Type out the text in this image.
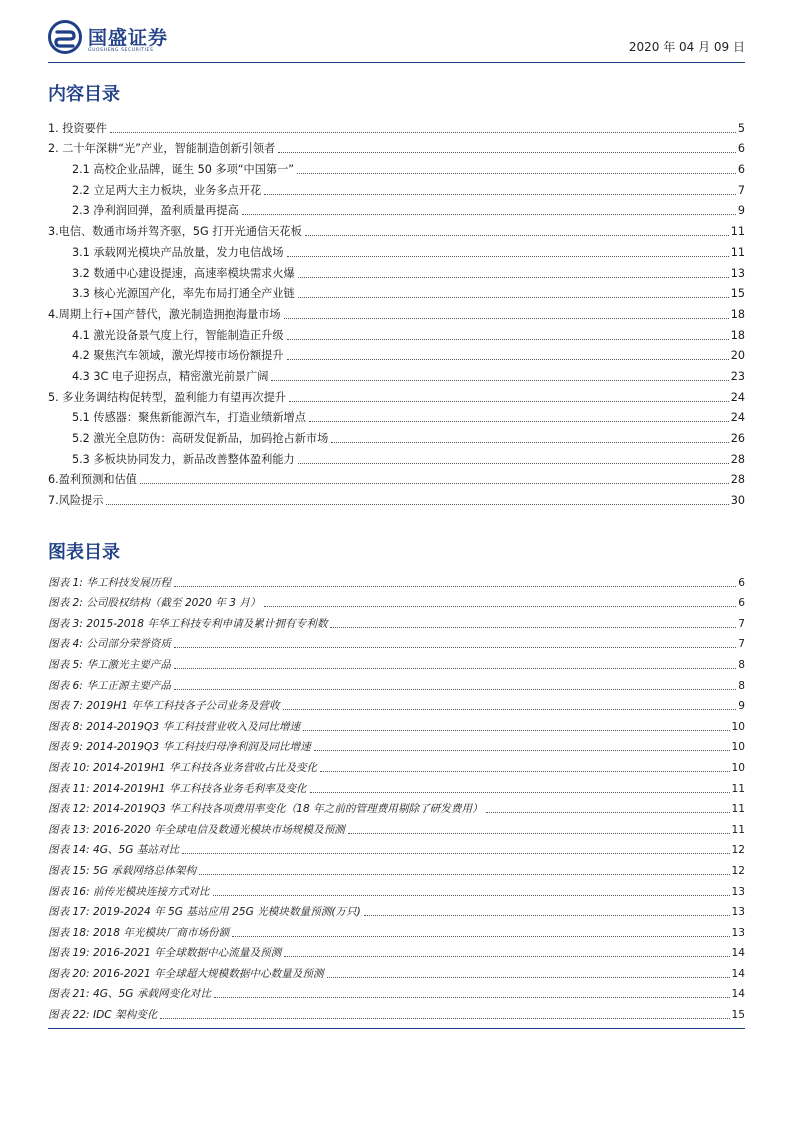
国盛证券
GUOSHENG SECURITIES	2020 年 04 月 09 日
内容目录
1. 投资要件	5
2. 二十年深耕“光”产业，智能制造创新引领者	6
2.1 高校企业品牌，诞生 50 多项“中国第一”	6
2.2 立足两大主力板块，业务多点开花	7
2.3 净利润回弹，盈利质量再提高	9
3.电信、数通市场并驾齐驱，5G 打开光通信天花板	11
3.1 承载网光模块产品放量，发力电信战场	11
3.2 数通中心建设提速，高速率模块需求火爆	13
3.3 核心光源国产化，率先布局打通全产业链	15
4.周期上行+国产替代，激光制造拥抱海量市场	18
4.1 激光设备景气度上行，智能制造正升级	18
4.2 聚焦汽车领域，激光焊接市场份额提升	20
4.3 3C 电子迎拐点，精密激光前景广阔	23
5. 多业务调结构促转型，盈利能力有望再次提升	24
5.1 传感器：聚焦新能源汽车，打造业绩新增点	24
5.2 激光全息防伪：高研发促新品，加码抢占新市场	26
5.3 多板块协同发力，新品改善整体盈利能力	28
6.盈利预测和估值	28
7.风险提示	30
图表目录
图表 1: 华工科技发展历程	6
图表 2: 公司股权结构（截至 2020 年 3 月）	6
图表 3: 2015-2018 年华工科技专利申请及累计拥有专利数	7
图表 4: 公司部分荣誉资质	7
图表 5: 华工激光主要产品	8
图表 6: 华工正源主要产品	8
图表 7: 2019H1 年华工科技各子公司业务及营收	9
图表 8: 2014-2019Q3 华工科技营业收入及同比增速	10
图表 9: 2014-2019Q3 华工科技归母净利润及同比增速	10
图表 10: 2014-2019H1 华工科技各业务营收占比及变化	10
图表 11: 2014-2019H1 华工科技各业务毛利率及变化	11
图表 12: 2014-2019Q3 华工科技各项费用率变化（18 年之前的管理费用剔除了研发费用）	11
图表 13: 2016-2020 年全球电信及数通光模块市场规模及预测	11
图表 14: 4G、5G 基站对比	12
图表 15: 5G 承载网络总体架构	12
图表 16: 前传光模块连接方式对比	13
图表 17: 2019-2024 年 5G 基站应用 25G 光模块数量预测(万只)	13
图表 18: 2018 年光模块厂商市场份额	13
图表 19: 2016-2021 年全球数据中心流量及预测	14
图表 20: 2016-2021 年全球超大规模数据中心数量及预测	14
图表 21: 4G、5G 承载网变化对比	14
图表 22: IDC 架构变化	15
